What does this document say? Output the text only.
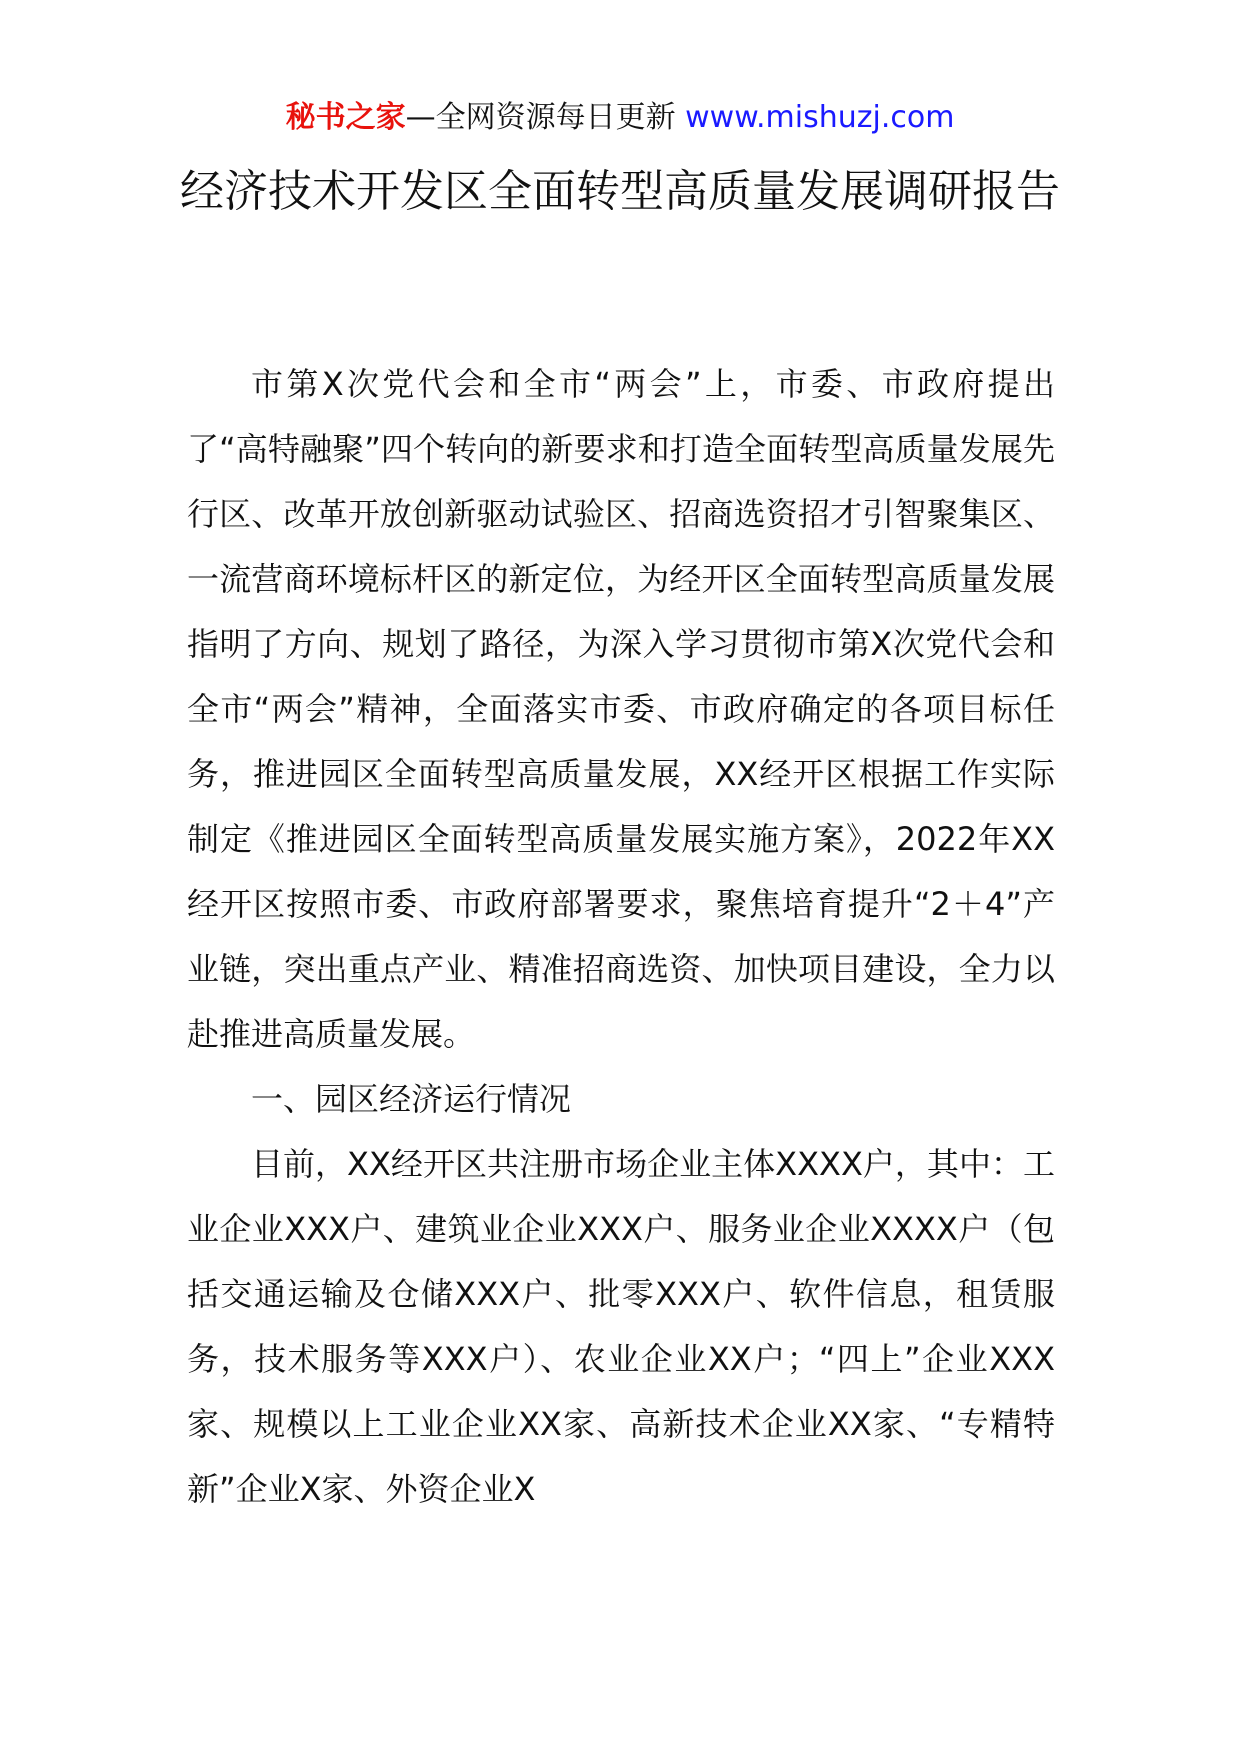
秘书之家—全网资源每日更新 www.mishuzj.com
经济技术开发区全面转型高质量发展调研报告

市第X次党代会和全市“两会”上，市委、市政府提出了“高特融聚”四个转向的新要求和打造全面转型高质量发展先行区、改革开放创新驱动试验区、招商选资招才引智聚集区、一流营商环境标杆区的新定位，为经开区全面转型高质量发展指明了方向、规划了路径，为深入学习贯彻市第X次党代会和全市“两会”精神，全面落实市委、市政府确定的各项目标任务，推进园区全面转型高质量发展，XX经开区根据工作实际制定《推进园区全面转型高质量发展实施方案》，2022年XX经开区按照市委、市政府部署要求，聚焦培育提升“2＋4”产业链，突出重点产业、精准招商选资、加快项目建设，全力以赴推进高质量发展。

一、园区经济运行情况

目前，XX经开区共注册市场企业主体XXXX户，其中：工业企业XXX户、建筑业企业XXX户、服务业企业XXXX户（包括交通运输及仓储XXX户、批零XXX户、软件信息，租赁服务，技术服务等XXX户）、农业企业XX户；“四上”企业XXX家、规模以上工业企业XX家、高新技术企业XX家、“专精特新”企业X家、外资企业X
